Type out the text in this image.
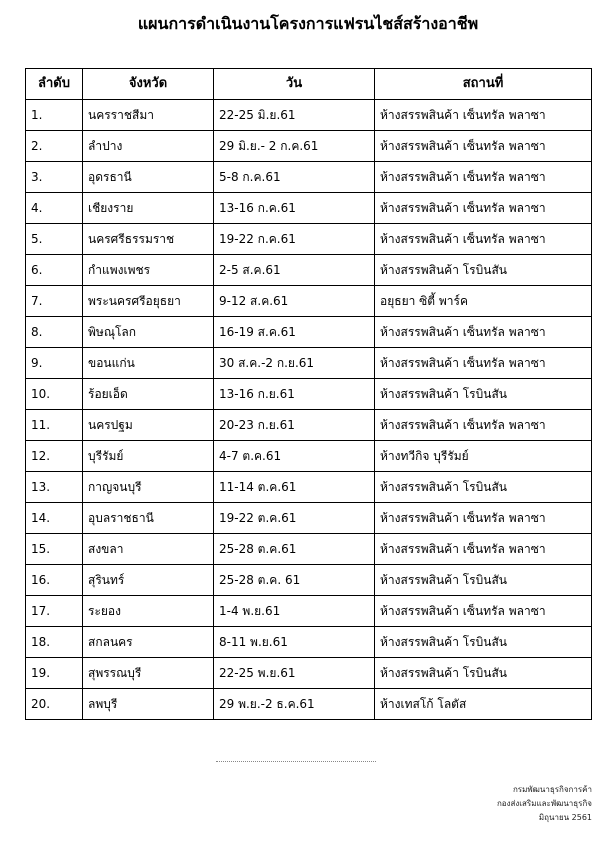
แผนการดำเนินงานโครงการแฟรนไชส์สร้างอาชีพ
ลำดับ	จังหวัด	วัน	สถานที่
1.	นครราชสีมา	22-25 มิ.ย.61	ห้างสรรพสินค้า เซ็นทรัล พลาซา
2.	ลำปาง	29 มิ.ย.- 2 ก.ค.61	ห้างสรรพสินค้า เซ็นทรัล พลาซา
3.	อุดรธานี	5-8 ก.ค.61	ห้างสรรพสินค้า เซ็นทรัล พลาซา
4.	เชียงราย	13-16 ก.ค.61	ห้างสรรพสินค้า เซ็นทรัล พลาซา
5.	นครศรีธรรมราช	19-22 ก.ค.61	ห้างสรรพสินค้า เซ็นทรัล พลาซา
6.	กำแพงเพชร	2-5 ส.ค.61	ห้างสรรพสินค้า โรบินสัน
7.	พระนครศรีอยุธยา	9-12 ส.ค.61	อยุธยา ซิตี้ พาร์ค
8.	พิษณุโลก	16-19 ส.ค.61	ห้างสรรพสินค้า เซ็นทรัล พลาซา
9.	ขอนแก่น	30 ส.ค.-2 ก.ย.61	ห้างสรรพสินค้า เซ็นทรัล พลาซา
10.	ร้อยเอ็ด	13-16 ก.ย.61	ห้างสรรพสินค้า โรบินสัน
11.	นครปฐม	20-23 ก.ย.61	ห้างสรรพสินค้า เซ็นทรัล พลาซา
12.	บุรีรัมย์	4-7 ต.ค.61	ห้างทวีกิจ บุรีรัมย์
13.	กาญจนบุรี	11-14 ต.ค.61	ห้างสรรพสินค้า โรบินสัน
14.	อุบลราชธานี	19-22 ต.ค.61	ห้างสรรพสินค้า เซ็นทรัล พลาซา
15.	สงขลา	25-28 ต.ค.61	ห้างสรรพสินค้า เซ็นทรัล พลาซา
16.	สุรินทร์	25-28 ต.ค. 61	ห้างสรรพสินค้า โรบินสัน
17.	ระยอง	1-4 พ.ย.61	ห้างสรรพสินค้า เซ็นทรัล พลาซา
18.	สกลนคร	8-11 พ.ย.61	ห้างสรรพสินค้า โรบินสัน
19.	สุพรรณบุรี	22-25 พ.ย.61	ห้างสรรพสินค้า โรบินสัน
20.	ลพบุรี	29 พ.ย.-2 ธ.ค.61	ห้างเทสโก้ โลตัส
กรมพัฒนาธุรกิจการค้า
กองส่งเสริมและพัฒนาธุรกิจ
มิถุนายน 2561
